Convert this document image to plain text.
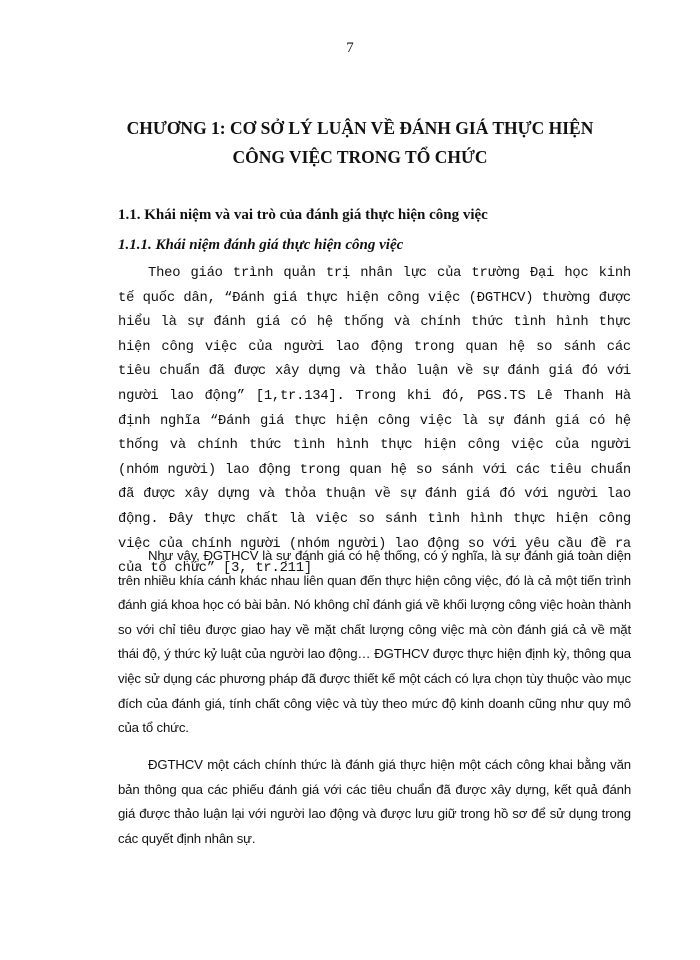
7
CHƯƠNG 1: CƠ SỞ LÝ LUẬN VỀ ĐÁNH GIÁ THỰC HIỆN
CÔNG VIỆC TRONG TỔ CHỨC
1.1. Khái niệm và vai trò của đánh giá thực hiện công việc
1.1.1. Khái niệm đánh giá thực hiện công việc

Theo giáo trình quản trị nhân lực của trường Đại học kinh tế quốc dân, “Đánh giá thực hiện công việc (ĐGTHCV) thường được hiểu là sự đánh giá có hệ thống và chính thức tình hình thực hiện công việc của người lao động trong quan hệ so sánh các tiêu chuẩn đã được xây dựng và thảo luận về sự đánh giá đó với người lao động” [1,tr.134]. Trong khi đó, PGS.TS Lê Thanh Hà định nghĩa “Đánh giá thực hiện công việc là sự đánh giá có hệ thống và chính thức tình hình thực hiện công việc của người (nhóm người) lao động trong quan hệ so sánh với các tiêu chuẩn đã được xây dựng và thỏa thuận về sự đánh giá đó với người lao động. Đây thực chất là việc so sánh tình hình thực hiện công việc của chính người (nhóm người) lao động so với yêu cầu đề ra của tổ chức” [3, tr.211]

Như vậy, ĐGTHCV là sự đánh giá có hệ thống, có ý nghĩa, là sự đánh giá toàn diện trên nhiều khía cánh khác nhau liên quan đến thực hiện công việc, đó là cả một tiến trình đánh giá khoa học có bài bản. Nó không chỉ đánh giá về khối lượng công việc hoàn thành so với chỉ tiêu được giao hay về mặt chất lượng công việc mà còn đánh giá cả về mặt thái độ, ý thức kỷ luật của người lao động… ĐGTHCV được thực hiện định kỳ, thông qua việc sử dụng các phương pháp đã được thiết kế một cách có lựa chọn tùy thuộc vào mục đích của đánh giá, tính chất công việc và tùy theo mức độ kinh doanh cũng như quy mô của tổ chức.

ĐGTHCV một cách chính thức là đánh giá thực hiện một cách công khai bằng văn bản thông qua các phiếu đánh giá với các tiêu chuẩn đã được xây dựng, kết quả đánh giá được thảo luận lại với người lao động và được lưu giữ trong hồ sơ để sử dụng trong các quyết định nhân sự.
